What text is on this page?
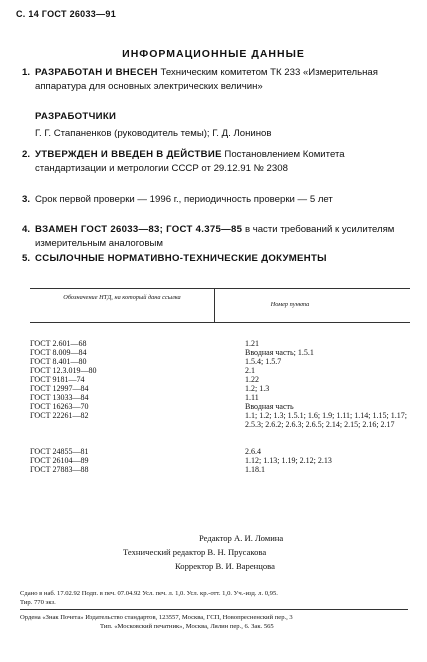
С. 14 ГОСТ 26033—91
ИНФОРМАЦИОННЫЕ ДАННЫЕ
1. РАЗРАБОТАН И ВНЕСЕН Техническим комитетом ТК 233 «Измерительная аппаратура для основных электрических величин»
РАЗРАБОТЧИКИ
Г. Г. Стапаненков (руководитель темы); Г. Д. Лонинов
2. УТВЕРЖДЕН И ВВЕДЕН В ДЕЙСТВИЕ Постановлением Комитета стандартизации и метрологии СССР от 29.12.91 № 2308
3. Срок первой проверки — 1996 г., периодичность проверки — 5 лет
4. ВЗАМЕН ГОСТ 26033—83; ГОСТ 4.375—85 в части требований к усилителям измерительным аналоговым
5. ССЫЛОЧНЫЕ НОРМАТИВНО-ТЕХНИЧЕСКИЕ ДОКУМЕНТЫ
Обозначение НТД, на который дана ссылка
Номер пункта
ГОСТ 2.601—68	1.21
ГОСТ 8.009—84	Вводная часть; 1.5.1
ГОСТ 8.401—80	1.5.4; 1.5.7
ГОСТ 12.3.019—80	2.1
ГОСТ 9181—74	1.22
ГОСТ 12997—84	1.2; 1.3
ГОСТ 13033—84	1.11
ГОСТ 16263—70	Вводная часть
ГОСТ 22261—82	1.1; 1.2; 1.3; 1.5.1; 1.6; 1.9; 1.11; 1.14; 1.15; 1.17; 2.5.3; 2.6.2; 2.6.3; 2.6.5; 2.14; 2.15; 2.16; 2.17
ГОСТ 24855—81	2.6.4
ГОСТ 26104—89	1.12; 1.13; 1.19; 2.12; 2.13
ГОСТ 27883—88	1.18.1
Редактор А. И. Ломина
Технический редактор В. Н. Прусакова
Корректор В. И. Варенцова
Сдано в наб. 17.02.92 Подп. в печ. 07.04.92 Усл. печ. л. 1,0. Усл. кр.-отт. 1,0. Уч.-изд. л. 0,95.
Тир. 770 экз.
Ордена «Знак Почета» Издательство стандартов, 123557, Москва, ГСП, Новопресненский пер., 3
Тип. «Московский печатник», Москва, Лялин пер., 6. Зак. 565
